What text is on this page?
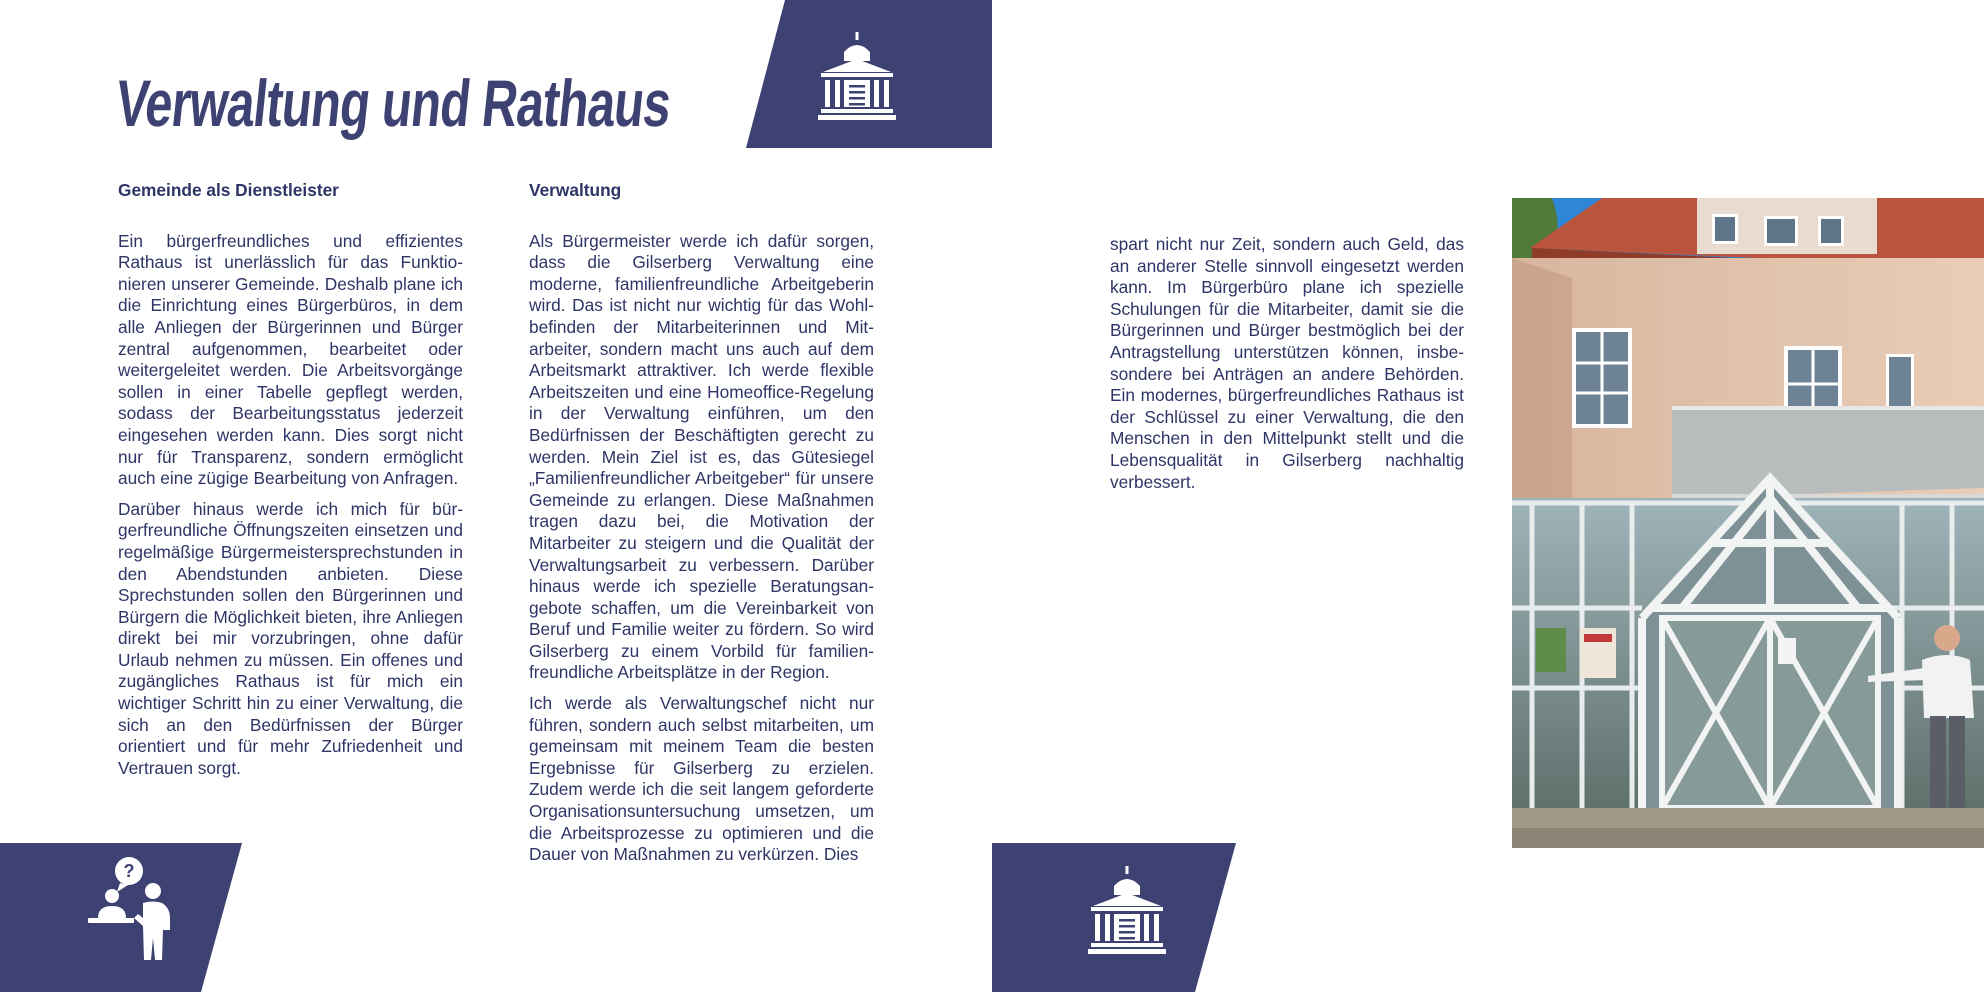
?
Verwaltung und Rathaus
Gemeinde als Dienstleister

Ein bürgerfreundliches und effizientes Rathaus ist unerlässlich für das Funktionieren unserer Gemeinde. Deshalb plane ich die Einrichtung eines Bürgerbüros, in dem alle Anliegen der Bürgerinnen und Bürger zentral aufgenommen, bearbeitet oder weitergeleitet werden. Die Arbeitsvorgänge sollen in einer Tabelle gepflegt werden, sodass der Bearbeitungsstatus jederzeit eingesehen werden kann. Dies sorgt nicht nur für Transparenz, sondern ermöglicht auch eine zügige Bearbeitung von Anfragen.

Darüber hinaus werde ich mich für bürgerfreundliche Öffnungszeiten einsetzen und regelmäßige Bürgermeistersprechstunden in den Abendstunden anbieten. Diese Sprechstunden sollen den Bürgerinnen und Bürgern die Möglichkeit bieten, ihre Anliegen direkt bei mir vorzubringen, ohne dafür Urlaub nehmen zu müssen. Ein offenes und zugängliches Rathaus ist für mich ein wichtiger Schritt hin zu einer Verwaltung, die sich an den Bedürfnissen der Bürger orientiert und für mehr Zufriedenheit und Vertrauen sorgt.

Verwaltung

Als Bürgermeister werde ich dafür sorgen, dass die Gilserberg Verwaltung eine moderne, familienfreundliche Arbeitgeberin wird. Das ist nicht nur wichtig für das Wohlbefinden der Mitarbeiterinnen und Mitarbeiter, sondern macht uns auch auf dem Arbeitsmarkt attraktiver. Ich werde flexible Arbeitszeiten und eine Homeoffice-Regelung in der Verwaltung einführen, um den Bedürfnissen der Beschäftigten gerecht zu werden. Mein Ziel ist es, das Gütesiegel „Familienfreundlicher Arbeitgeber“ für unsere Gemeinde zu erlangen. Diese Maßnahmen tragen dazu bei, die Motivation der Mitarbeiter zu steigern und die Qualität der Verwaltungsarbeit zu verbessern. Darüber hinaus werde ich spezielle Beratungsangebote schaffen, um die Vereinbarkeit von Beruf und Familie weiter zu fördern. So wird Gilserberg zu einem Vorbild für familienfreundliche Arbeitsplätze in der Region.

Ich werde als Verwaltungschef nicht nur führen, sondern auch selbst mitarbeiten, um gemeinsam mit meinem Team die besten Ergebnisse für Gilserberg zu erzielen. Zudem werde ich die seit langem geforderte Organisationsuntersuchung umsetzen, um die Arbeitsprozesse zu optimieren und die Dauer von Maßnahmen zu verkürzen. Dies

spart nicht nur Zeit, sondern auch Geld, das an anderer Stelle sinnvoll eingesetzt werden kann. Im Bürgerbüro plane ich spezielle Schulungen für die Mitarbeiter, damit sie die Bürgerinnen und Bürger bestmöglich bei der Antragstellung unterstützen können, insbesondere bei Anträgen an andere Behörden. Ein modernes, bürgerfreundliches Rathaus ist der Schlüssel zu einer Verwaltung, die den Menschen in den Mittelpunkt stellt und die Lebensqualität in Gilserberg nachhaltig verbessert.
